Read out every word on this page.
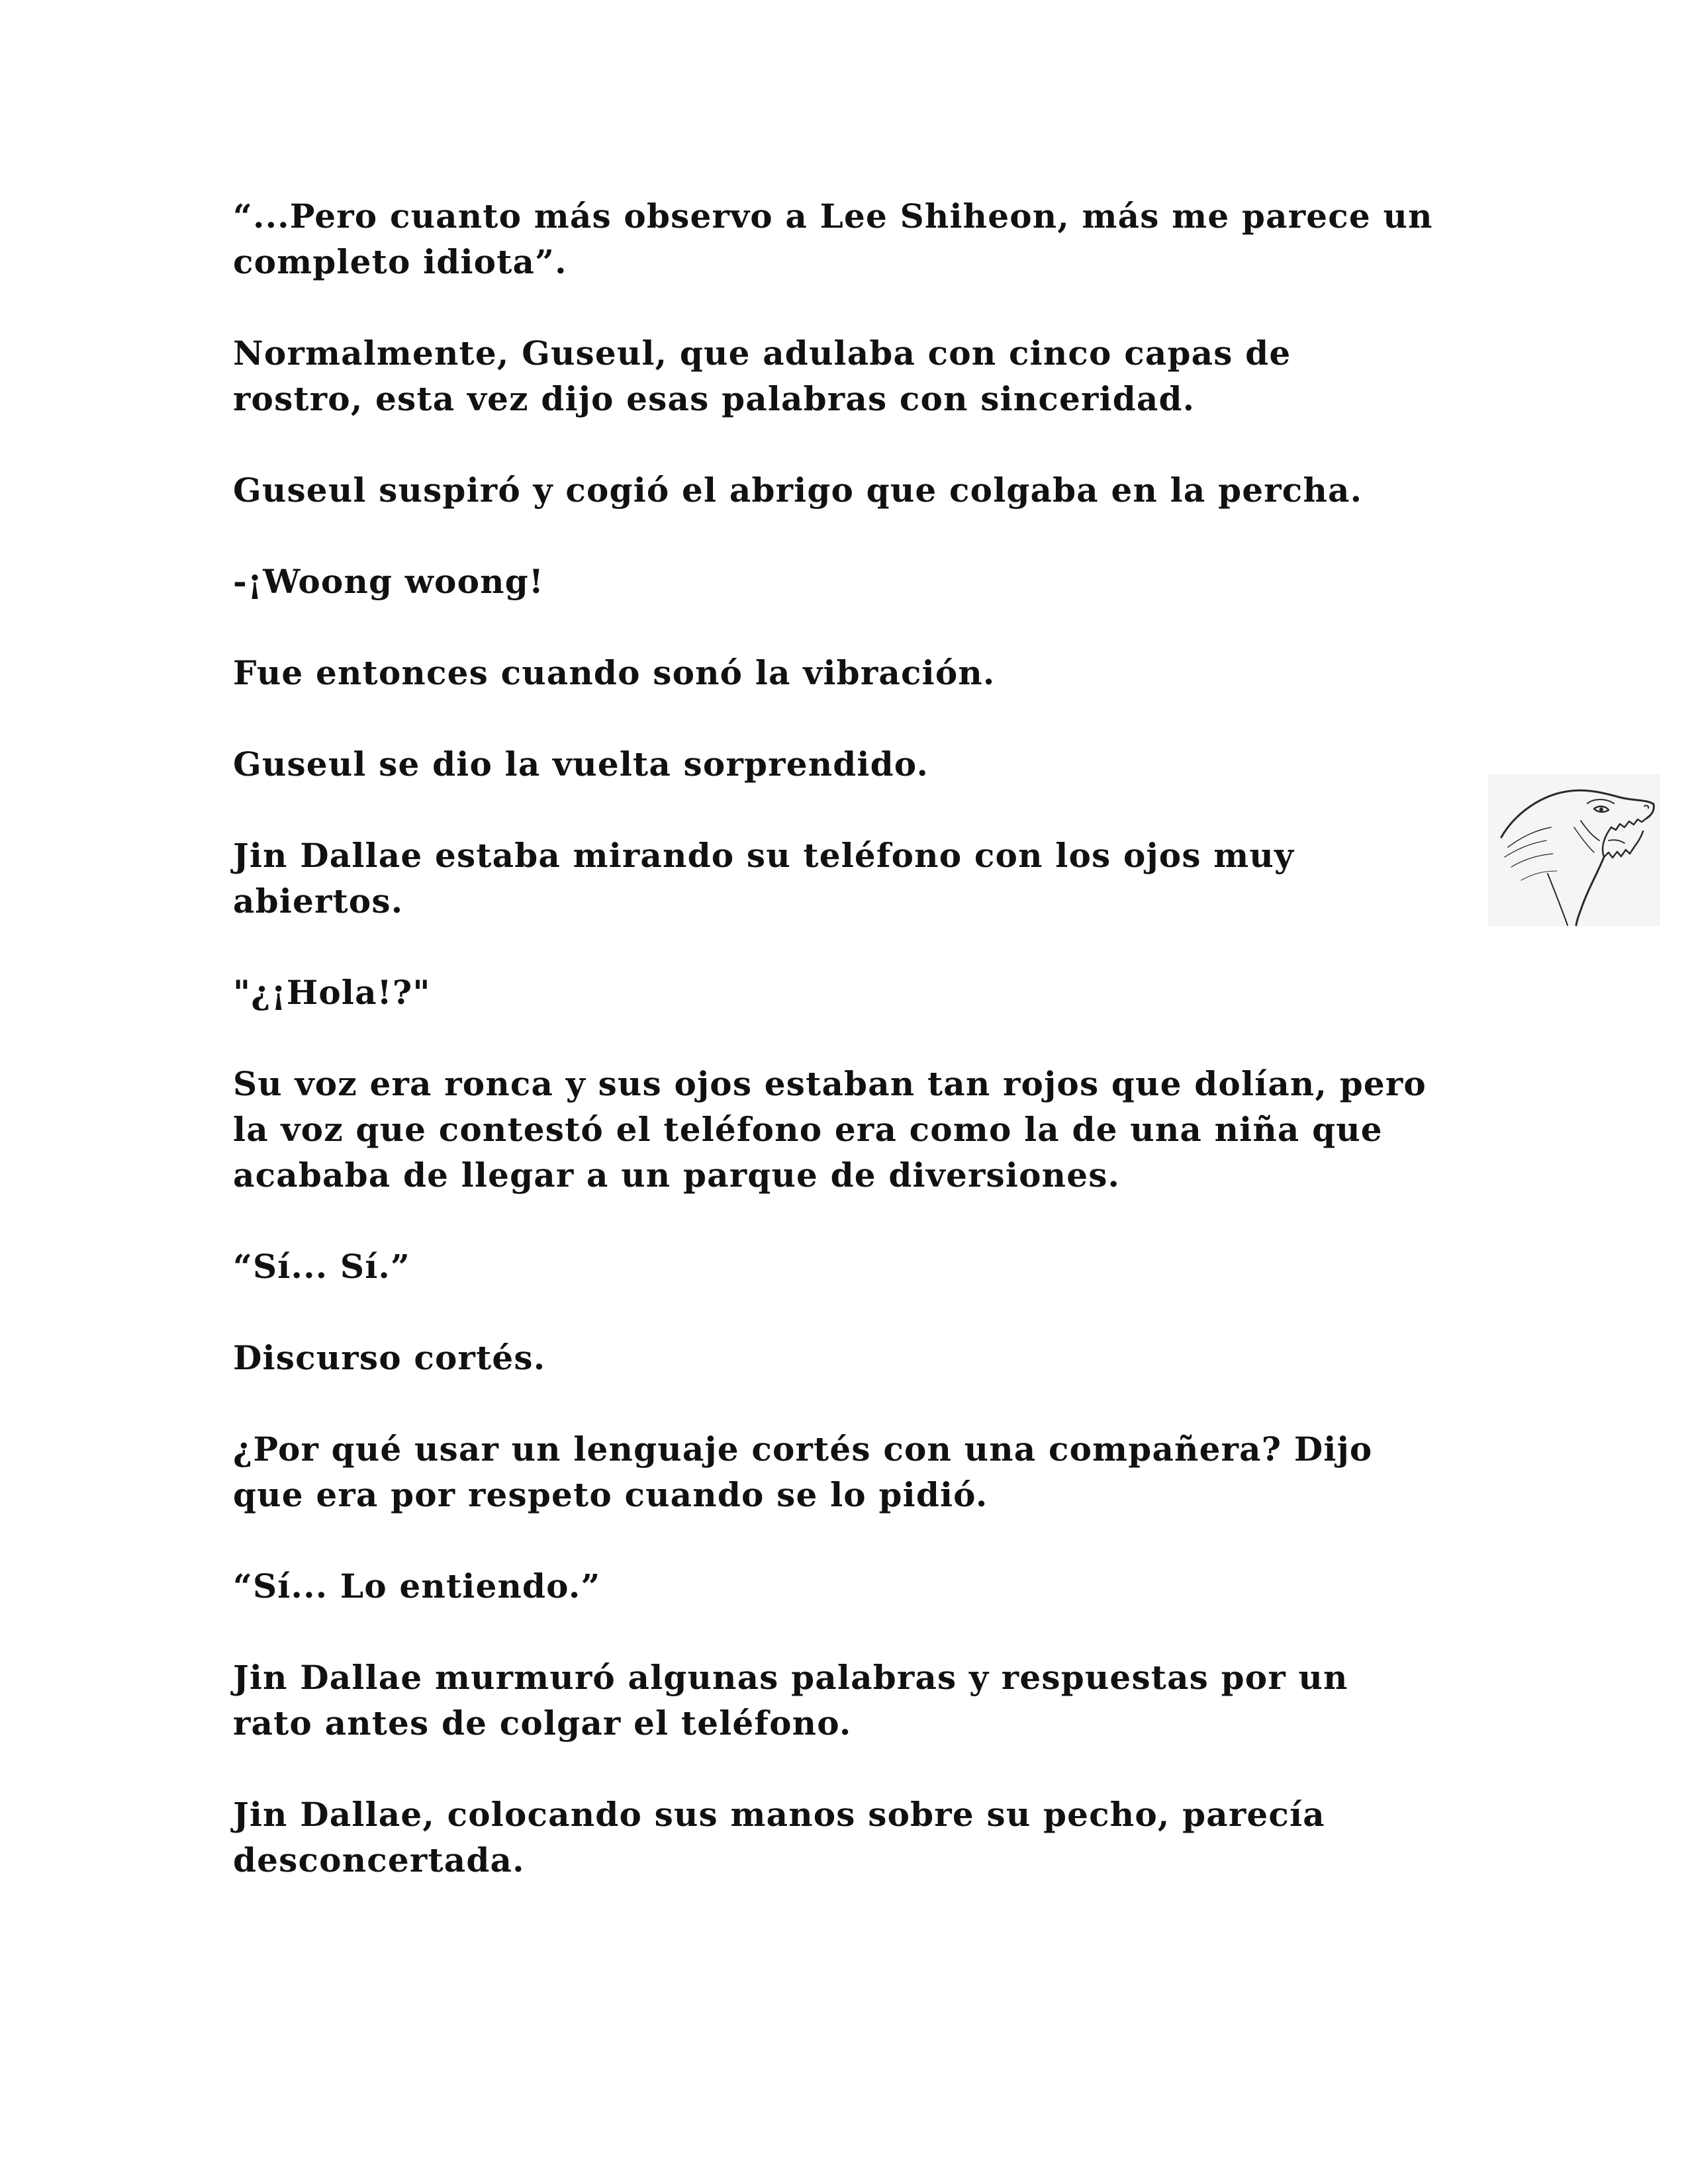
“...Pero cuanto más observo a Lee Shiheon, más me parece un
completo idiota”.

Normalmente, Guseul, que adulaba con cinco capas de
rostro, esta vez dijo esas palabras con sinceridad.

Guseul suspiró y cogió el abrigo que colgaba en la percha.

-¡Woong woong!

Fue entonces cuando sonó la vibración.

Guseul se dio la vuelta sorprendido.

Jin Dallae estaba mirando su teléfono con los ojos muy
abiertos.

"¿¡Hola!?"

Su voz era ronca y sus ojos estaban tan rojos que dolían, pero
la voz que contestó el teléfono era como la de una niña que
acababa de llegar a un parque de diversiones.

“Sí... Sí.”

Discurso cortés.

¿Por qué usar un lenguaje cortés con una compañera? Dijo
que era por respeto cuando se lo pidió.

“Sí... Lo entiendo.”

Jin Dallae murmuró algunas palabras y respuestas por un
rato antes de colgar el teléfono.

Jin Dallae, colocando sus manos sobre su pecho, parecía
desconcertada.
